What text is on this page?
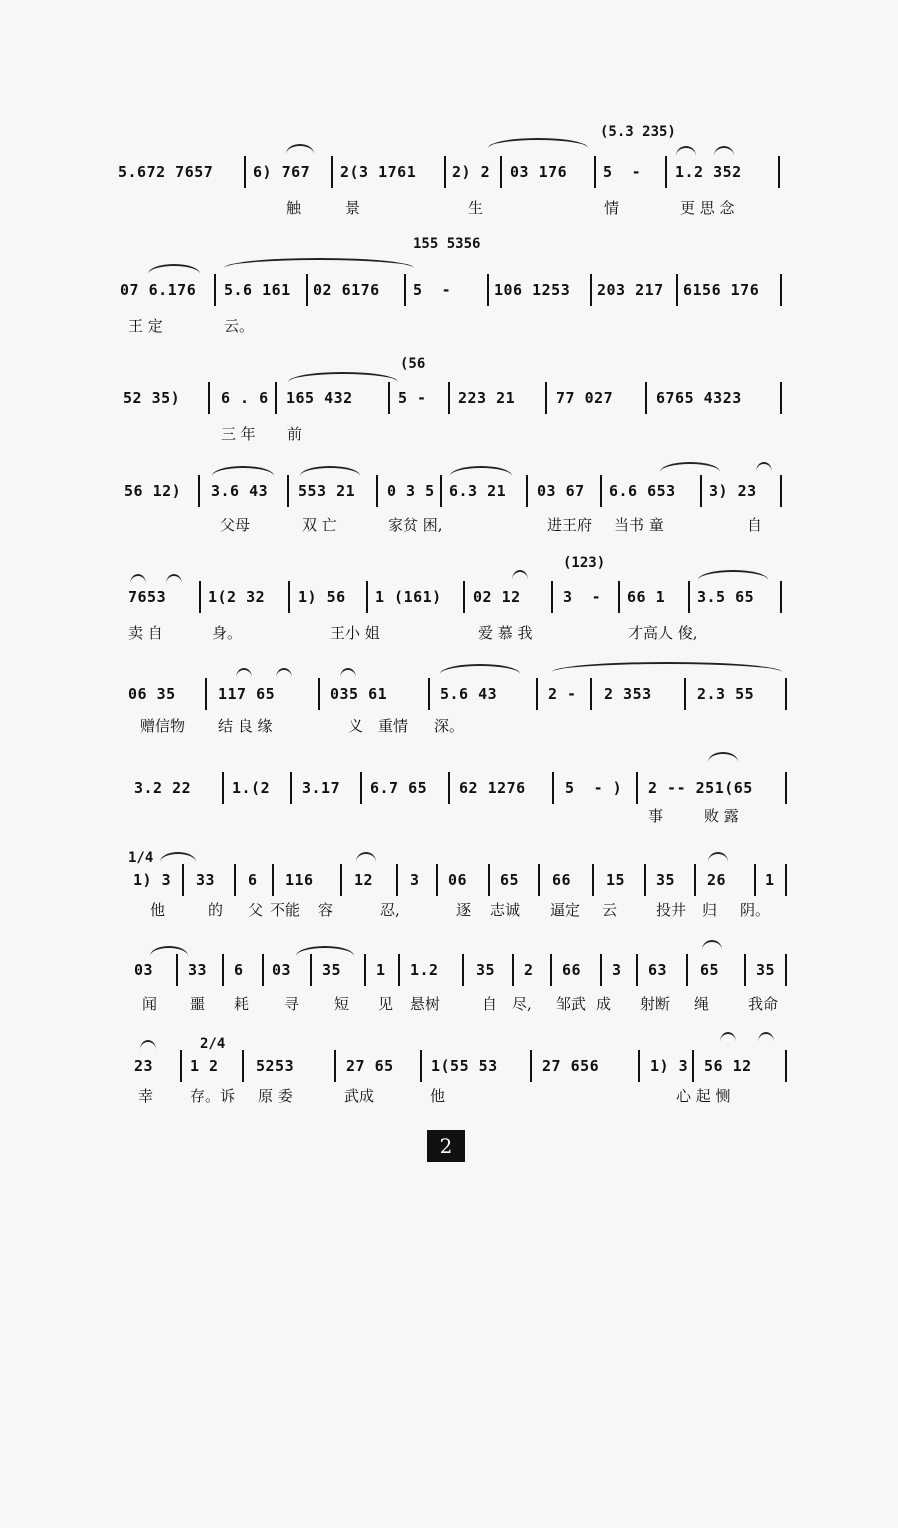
(5.3 235)

5.672 7657

	6) 767

2(3 1761

2) 2

03 176

5  -

1.2 352

触

	景

	生

	情

	更 思 念

155 5356

07 6.176

5.6 161

02 6176

5  -

	106 1253

203 217

6156 176

王 定

	云。

(56

52 35)

	6 . 6

165 432

	5 -

223 21

	77 027

	6765 4323

三 年

前

56 12)

3.6 43

553 21

0 3 5

6.3 21

03 67

6.6 653

3) 23

父母

	双 亡

	家贫 困,

	进王府

当书 童

	自

(123)

7653

	1(2 32

1) 56

1 (161)

02 12

	3  -

66 1

3.5 65

卖 自

	身。

	王小 姐

	爱 慕 我

	才高人 俊,

06 35

	117 65

	035 61

	5.6 43

	2 -

2 353

	2.3 55

赠信物

结 良 缘

	义

重情

深。

3.2 22

	1.(2

3.17

6.7 65

62 1276

	5  - )

2 -- 251(65

事

	败 露

1/4

1) 3

33

6

116

	12

3

06

65

66

15

35

26

	1

他

	的

父

不能

容

	忍,

	逐

志诚

逼定

云

	投井

归

阴。

03

33

6

03

35

1

1.2

35

2

66

3

63

65

35

闻

噩

耗

寻

短

见

悬树

	自

尽,

邹武

成

射断

绳

	我命

2/4

23

1 2

5253

	27 65

1(55 53

	27 656

	1) 3

56 12

幸

存。诉

原 委

	武成

	他

	心 起 恻

2
